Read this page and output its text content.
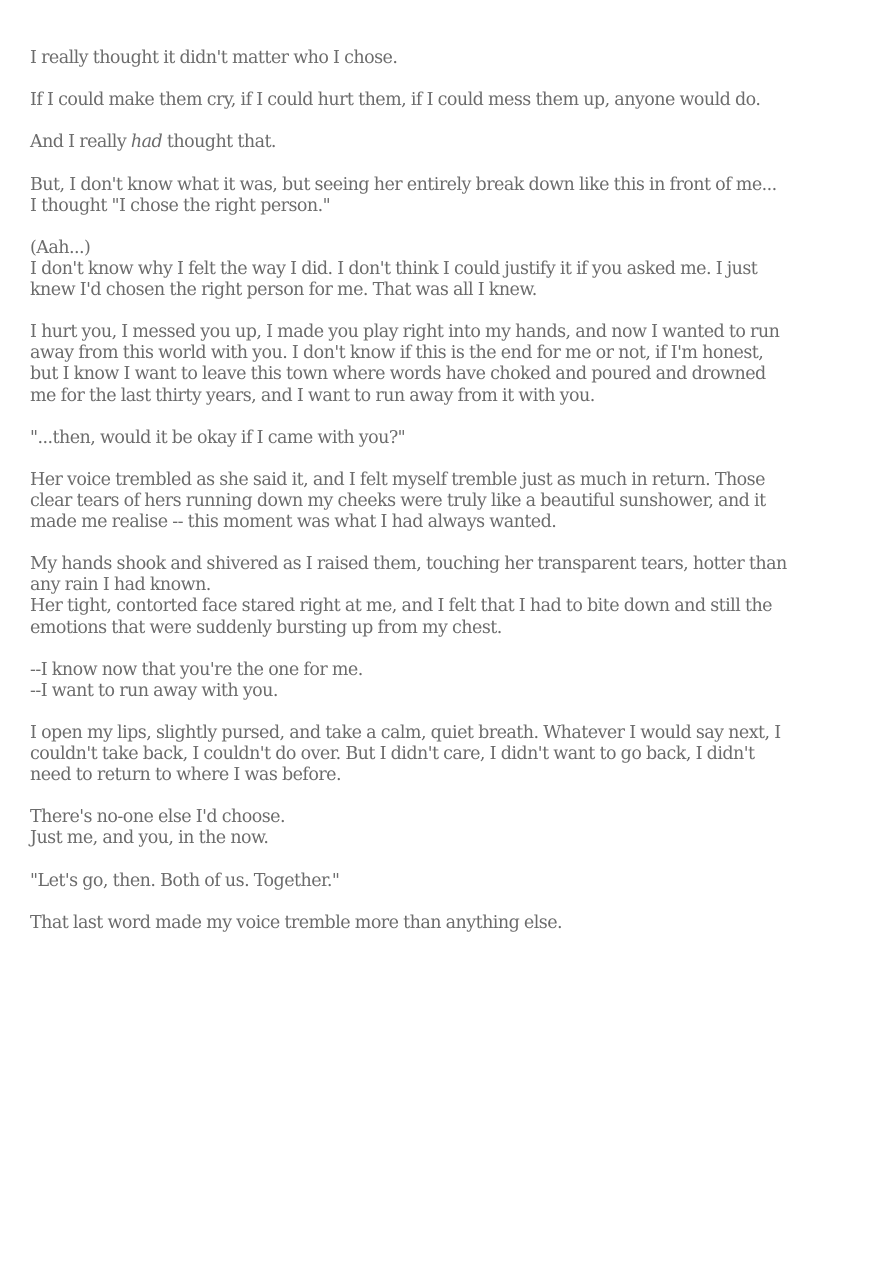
I really thought it didn't matter who I chose.

If I could make them cry, if I could hurt them, if I could mess them up, anyone would do.

And I really had thought that.

But, I don't know what it was, but seeing her entirely break down like this in front of me...
I thought "I chose the right person."

(Aah...)
I don't know why I felt the way I did. I don't think I could justify it if you asked me. I just
knew I'd chosen the right person for me. That was all I knew.

I hurt you, I messed you up, I made you play right into my hands, and now I wanted to run
away from this world with you. I don't know if this is the end for me or not, if I'm honest,
but I know I want to leave this town where words have choked and poured and drowned
me for the last thirty years, and I want to run away from it with you.

"...then, would it be okay if I came with you?"

Her voice trembled as she said it, and I felt myself tremble just as much in return. Those
clear tears of hers running down my cheeks were truly like a beautiful sunshower, and it
made me realise -- this moment was what I had always wanted.

My hands shook and shivered as I raised them, touching her transparent tears, hotter than
any rain I had known.
Her tight, contorted face stared right at me, and I felt that I had to bite down and still the
emotions that were suddenly bursting up from my chest.

--I know now that you're the one for me.
--I want to run away with you.

I open my lips, slightly pursed, and take a calm, quiet breath. Whatever I would say next, I
couldn't take back, I couldn't do over. But I didn't care, I didn't want to go back, I didn't
need to return to where I was before.

There's no-one else I'd choose.
Just me, and you, in the now.

"Let's go, then. Both of us. Together."

That last word made my voice tremble more than anything else.
